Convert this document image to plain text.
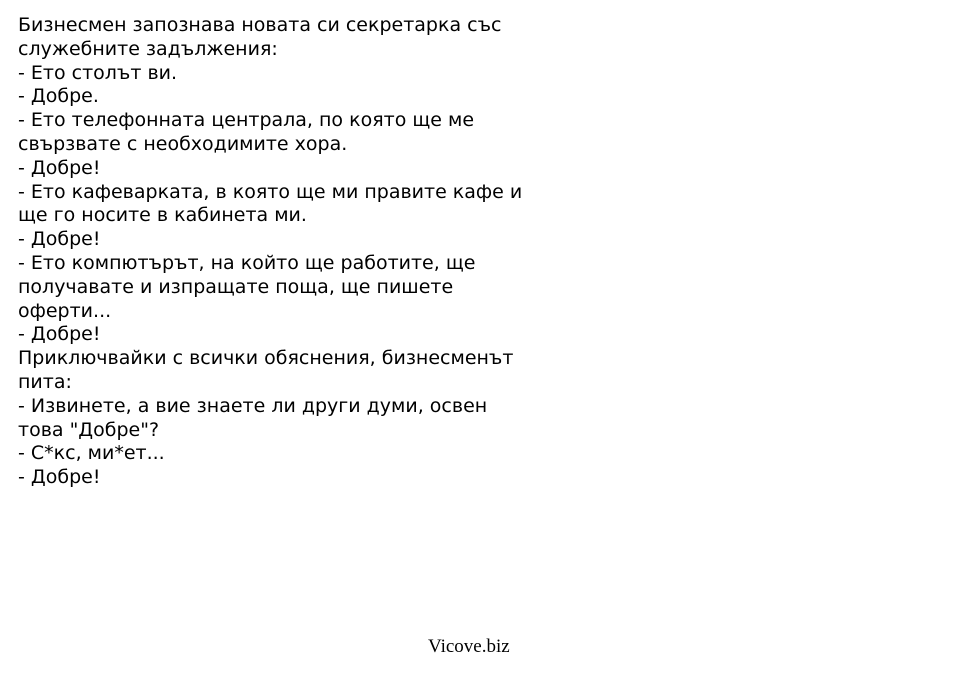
Бизнесмен запознава новата си секретарка със
служебните задължения:
- Ето столът ви.
- Добре.
- Ето телефонната централа, по която ще ме
свързвате с необходимите хора.
- Добре!
- Ето кафеварката, в която ще ми правите кафе и
ще го носите в кабинета ми.
- Добре!
- Ето компютърът, на който ще работите, ще
получавате и изпращате поща, ще пишете
оферти...
- Добре!
Приключвайки с всички обяснения, бизнесменът
пита:
- Извинете, а вие знаете ли други думи, освен
това "Добре"?
- С*кс, ми*ет...
- Добре!
Vicove.biz
